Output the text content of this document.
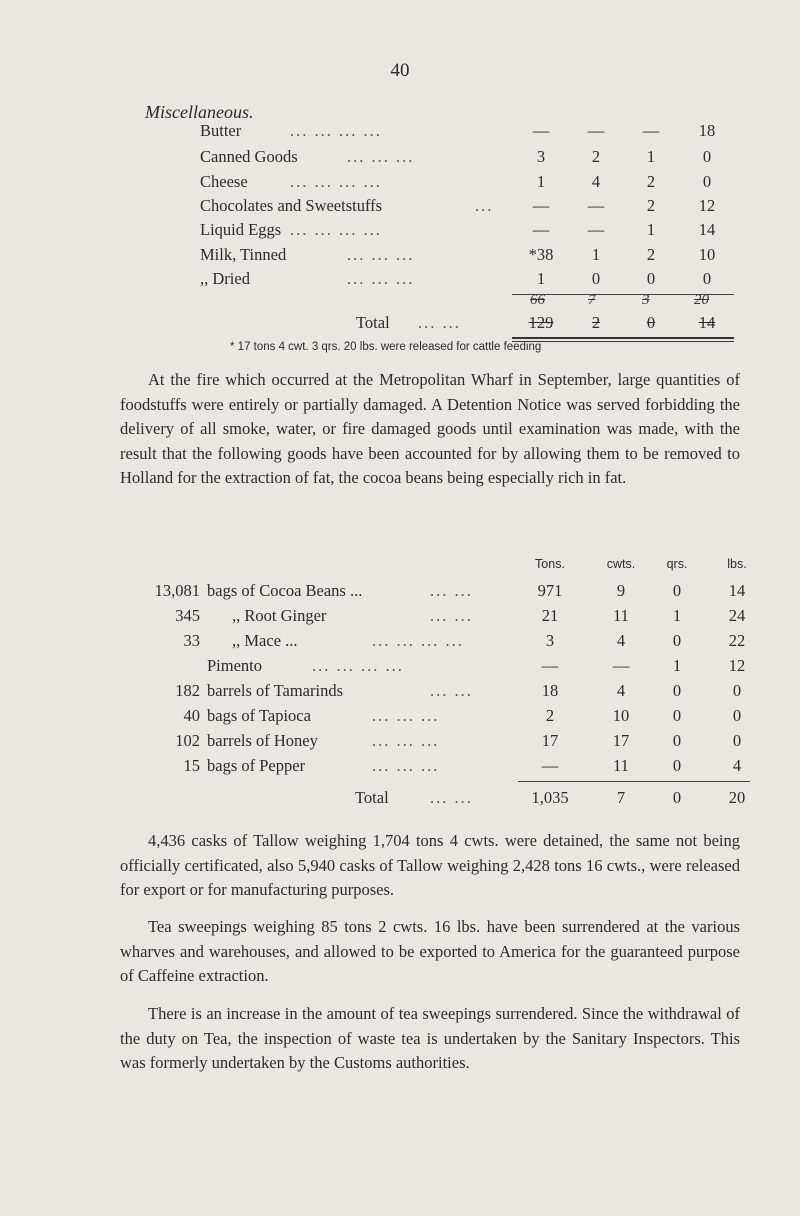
40
Miscellaneous.
Butter	... ... ... ...	—	—	—	18
Canned Goods	... ... ...	3	2	1	0
Cheese	... ... ... ...	1	4	2	0
Chocolates and Sweetstuffs	...	—	—	2	12
Liquid Eggs ... ... ... ...	—	—	1	14
Milk, Tinned	... ... ...	*38	1	2	10
,, Dried	... ... ...	1	0	0	0
66	7	3	20
Total ... ...	129	2	0	14
* 17 tons 4 cwt. 3 qrs. 20 lbs. were released for cattle feeding
At the fire which occurred at the Metropolitan Wharf in September, large quantities of foodstuffs were entirely or partially damaged. A Detention Notice was served forbidding the delivery of all smoke, water, or fire damaged goods until examination was made, with the result that the following goods have been accounted for by allowing them to be removed to Holland for the extraction of fat, the cocoa beans being especially rich in fat.
Tons.	cwts.	qrs.	lbs.
13,081 bags of Cocoa Beans ...	... ...	971	9	0	14
345 ,, Root Ginger	... ...	21	11	1	24
33 ,, Mace ...	... ... ... ...	3	4	0	22
Pimento	... ... ... ...	—	—	1	12
182 barrels of Tamarinds	... ...	18	4	0	0
40 bags of Tapioca	... ... ...	2	10	0	0
102 barrels of Honey	... ... ...	17	17	0	0
15 bags of Pepper	... ... ...	—	11	0	4
Total	... ...	1,035	7	0	20
4,436 casks of Tallow weighing 1,704 tons 4 cwts. were detained, the same not being officially certificated, also 5,940 casks of Tallow weighing 2,428 tons 16 cwts., were released for export or for manufacturing purposes.
Tea sweepings weighing 85 tons 2 cwts. 16 lbs. have been surrendered at the various wharves and warehouses, and allowed to be exported to America for the guaranteed purpose of Caffeine extraction.
There is an increase in the amount of tea sweepings surrendered. Since the withdrawal of the duty on Tea, the inspection of waste tea is undertaken by the Sanitary Inspectors. This was formerly undertaken by the Customs authorities.
